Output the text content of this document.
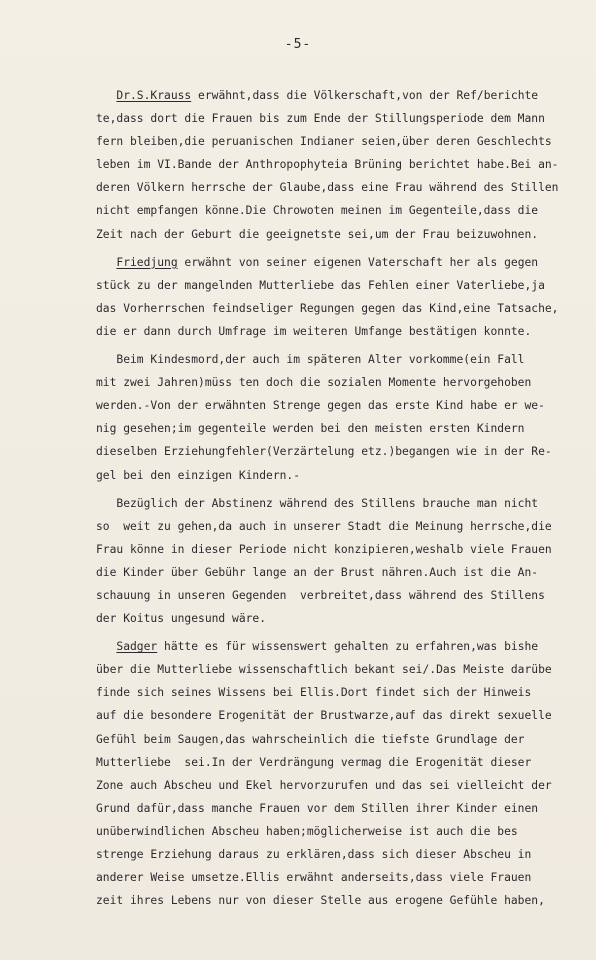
-5-
Dr.S.Krauss erwähnt,dass die Völkerschaft,von der Ref/berichte
te,dass dort die Frauen bis zum Ende der Stillungsperiode dem Mann
fern bleiben,die peruanischen Indianer seien,über deren Geschlechts
leben im VI.Bande der Anthropophyteia Brüning berichtet habe.Bei an-
deren Völkern herrsche der Glaube,dass eine Frau während des Stillen
nicht empfangen könne.Die Chrowoten meinen im Gegenteile,dass die
Zeit nach der Geburt die geeignetste sei,um der Frau beizuwohnen.
Friedjung erwähnt von seiner eigenen Vaterschaft her als gegen
stück zu der mangelnden Mutterliebe das Fehlen einer Vaterliebe,ja
das Vorherrschen feindseliger Regungen gegen das Kind,eine Tatsache,
die er dann durch Umfrage im weiteren Umfange bestätigen konnte.
Beim Kindesmord,der auch im späteren Alter vorkomme(ein Fall
mit zwei Jahren)müss ten doch die sozialen Momente hervorgehoben
werden.-Von der erwähnten Strenge gegen das erste Kind habe er we-
nig gesehen;im gegenteile werden bei den meisten ersten Kindern
dieselben Erziehungfehler(Verzärtelung etz.)begangen wie in der Re-
gel bei den einzigen Kindern.-
Bezüglich der Abstinenz während des Stillens brauche man nicht
so  weit zu gehen,da auch in unserer Stadt die Meinung herrsche,die
Frau könne in dieser Periode nicht konzipieren,weshalb viele Frauen
die Kinder über Gebühr lange an der Brust nähren.Auch ist die An-
schauung in unseren Gegenden  verbreitet,dass während des Stillens
der Koitus ungesund wäre.
Sadger hätte es für wissenswert gehalten zu erfahren,was bishe
über die Mutterliebe wissenschaftlich bekant sei/.Das Meiste darübe
finde sich seines Wissens bei Ellis.Dort findet sich der Hinweis
auf die besondere Erogenität der Brustwarze,auf das direkt sexuelle
Gefühl beim Saugen,das wahrscheinlich die tiefste Grundlage der
Mutterliebe  sei.In der Verdrängung vermag die Erogenität dieser
Zone auch Abscheu und Ekel hervorzurufen und das sei vielleicht der
Grund dafür,dass manche Frauen vor dem Stillen ihrer Kinder einen
unüberwindlichen Abscheu haben;möglicherweise ist auch die bes
strenge Erziehung daraus zu erklären,dass sich dieser Abscheu in
anderer Weise umsetze.Ellis erwähnt anderseits,dass viele Frauen
zeit ihres Lebens nur von dieser Stelle aus erogene Gefühle haben,
